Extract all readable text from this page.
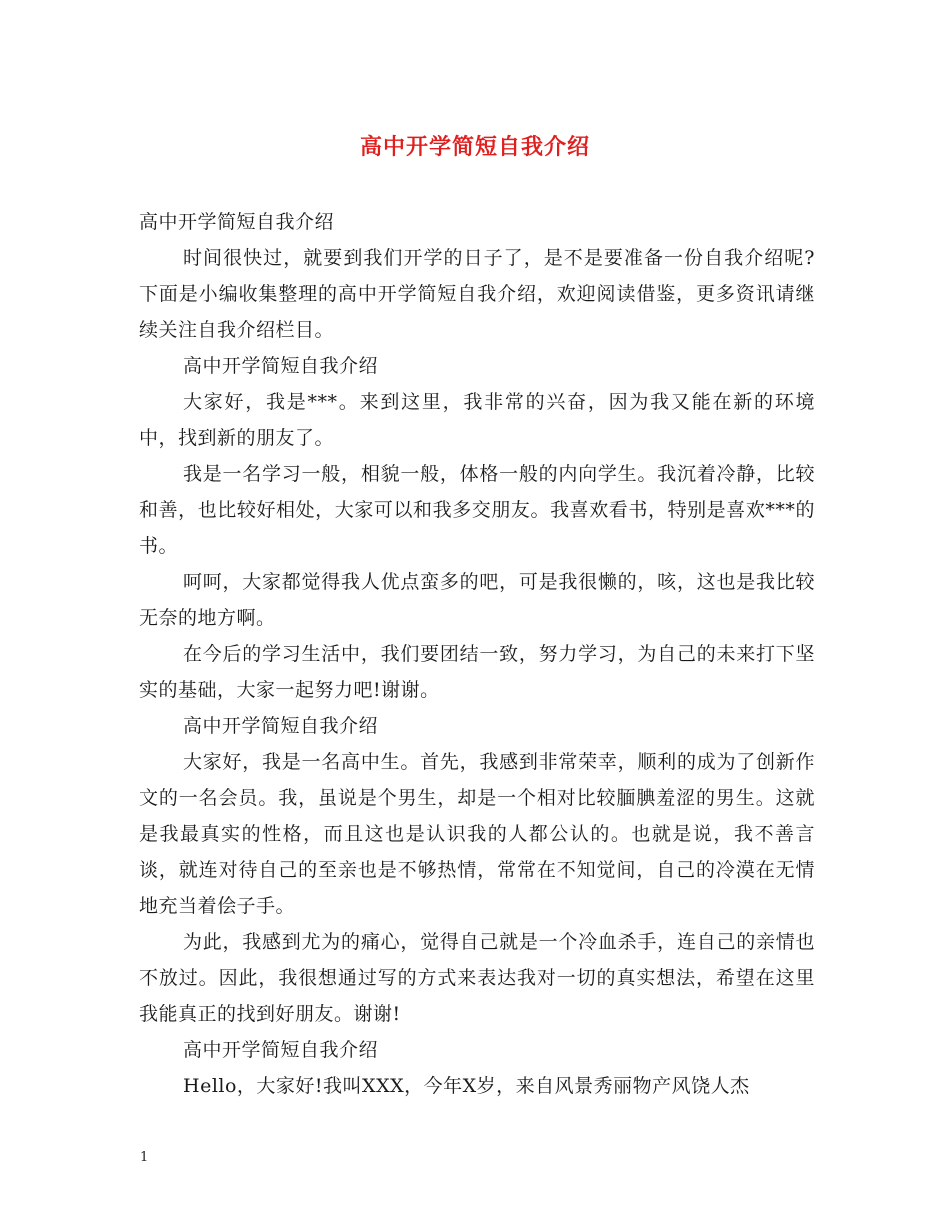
高中开学简短自我介绍

高中开学简短自我介绍

时间很快过，就要到我们开学的日子了，是不是要准备一份自我介绍呢?下面是小编收集整理的高中开学简短自我介绍，欢迎阅读借鉴，更多资讯请继续关注自我介绍栏目。

高中开学简短自我介绍

大家好，我是***。来到这里，我非常的兴奋，因为我又能在新的环境中，找到新的朋友了。

我是一名学习一般，相貌一般，体格一般的内向学生。我沉着冷静，比较和善，也比较好相处，大家可以和我多交朋友。我喜欢看书，特别是喜欢***的书。

呵呵，大家都觉得我人优点蛮多的吧，可是我很懒的，咳，这也是我比较无奈的地方啊。

在今后的学习生活中，我们要团结一致，努力学习，为自己的未来打下坚实的基础，大家一起努力吧!谢谢。

高中开学简短自我介绍

大家好，我是一名高中生。首先，我感到非常荣幸，顺利的成为了创新作文的一名会员。我，虽说是个男生，却是一个相对比较腼腆羞涩的男生。这就是我最真实的性格，而且这也是认识我的人都公认的。也就是说，我不善言谈，就连对待自己的至亲也是不够热情，常常在不知觉间，自己的冷漠在无情地充当着侩子手。

为此，我感到尤为的痛心，觉得自己就是一个冷血杀手，连自己的亲情也不放过。因此，我很想通过写的方式来表达我对一切的真实想法，希望在这里我能真正的找到好朋友。谢谢!

高中开学简短自我介绍

Hello，大家好!我叫XXX，今年X岁，来自风景秀丽物产风饶人杰

1
